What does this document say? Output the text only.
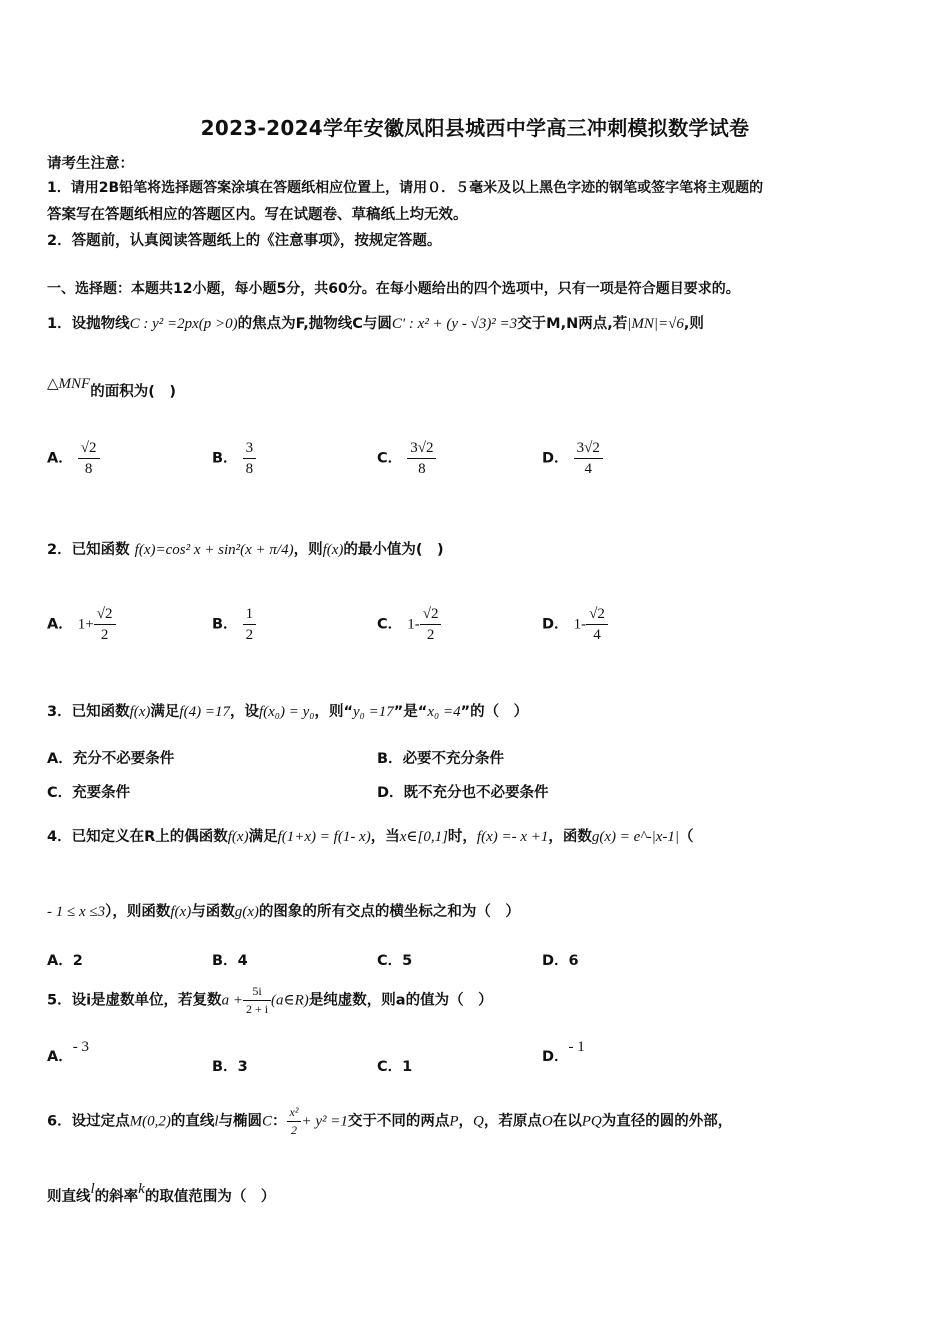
2023-2024学年安徽凤阳县城西中学高三冲刺模拟数学试卷
请考生注意：
1．请用2B铅笔将选择题答案涂填在答题纸相应位置上，请用０．５毫米及以上黑色字迹的钢笔或签字笔将主观题的
答案写在答题纸相应的答题区内。写在试题卷、草稿纸上均无效。
2．答题前，认真阅读答题纸上的《注意事项》，按规定答题。
一、选择题：本题共12小题，每小题5分，共60分。在每小题给出的四个选项中，只有一项是符合题目要求的。
1．设抛物线C : y² =2px(p >0)的焦点为F,抛物线C与圆C′ : x² + (y - √3)² =3交于M,N两点,若|MN|=√6,则
△MNF的面积为(　)
A． $\frac{√2}{8}$	B． $\frac{3}{8}$	C． $\frac{3√2}{8}$	D． $\frac{3√2}{4}$
2．已知函数 f(x)=cos² x + sin²(x + π/4)，则f(x)的最小值为(　)
A． $1+ \frac{√2}{2}$	B． $\frac{1}{2}$	C． $1- \frac{√2}{2}$	D． $1- \frac{√2}{4}$
3．已知函数f(x)满足f(4) =17，设f(x₀) = y₀，则“y₀ =17”是“x₀ =4”的（　）
A．充分不必要条件	B．必要不充分条件
C．充要条件	D．既不充分也不必要条件
4．已知定义在R上的偶函数f(x)满足f(1+x) = f(1- x)，当x∈[0,1]时，f(x) =- x +1，函数g(x) = e^-|x-1|（
- 1 ≤ x ≤3），则函数f(x)与函数g(x)的图象的所有交点的横坐标之和为（　）
A．2	B．4	C．5	D．6
5．设i是虚数单位，若复数$a + \frac{5i}{2 + i}$ (a∈R)是纯虚数，则a的值为（　）
A．- 3
B．3	C．1
D．- 1
6．设过定点M(0,2)的直线l与椭圆C： $\frac{\text{x²}}{2} + y^2 =1$交于不同的两点P，Q，若原点O在以PQ为直径的圆的外部，
则直线l的斜率k的取值范围为（　）
